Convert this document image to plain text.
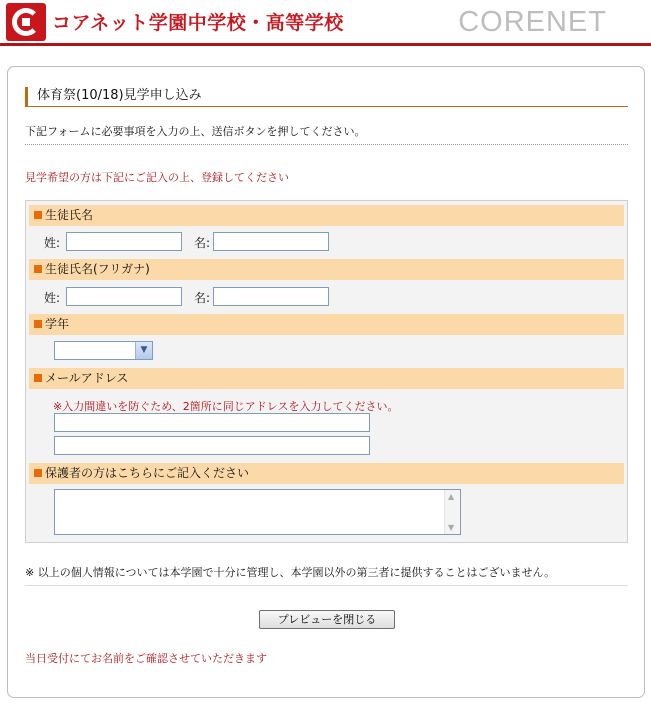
コアネット学園中学校・高等学校	CORENET
体育祭(10/18)見学申し込み
下記フォームに必要事項を入力の上、送信ボタンを押してください。
見学希望の方は下記にご記入の上、登録してください
生徒氏名
姓:	名:
生徒氏名(フリガナ)
姓:	名:
学年
▼
メールアドレス
※入力間違いを防ぐため、2箇所に同じアドレスを入力してください。
保護者の方はこちらにご記入ください
▲
▼
※ 以上の個人情報については本学園で十分に管理し、本学園以外の第三者に提供することはございません。
プレビューを閉じる
当日受付にてお名前をご確認させていただきます
